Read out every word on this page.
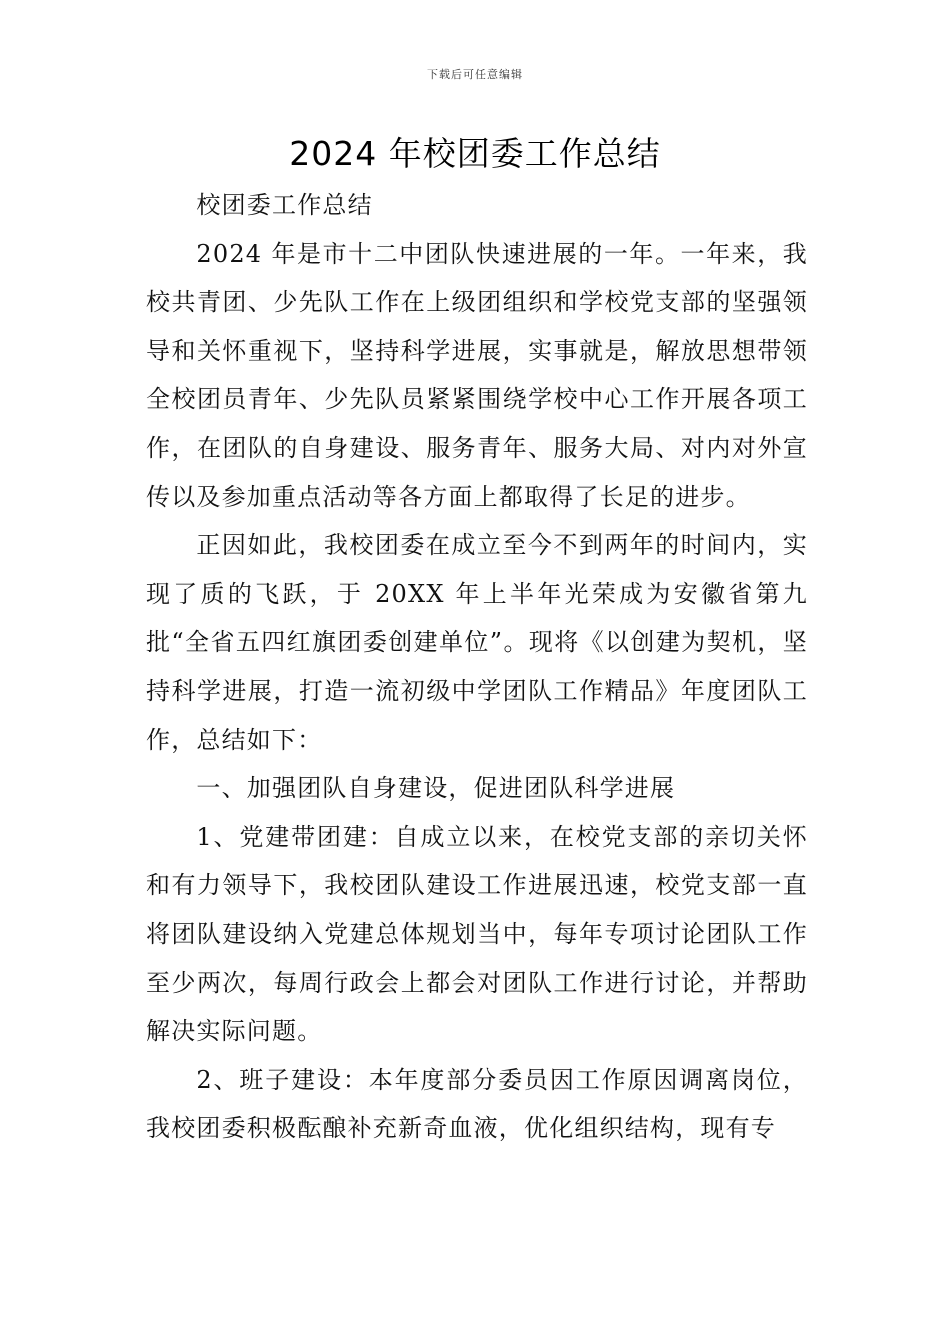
下载后可任意编辑
2024 年校团委工作总结

校团委工作总结

2024 年是市十二中团队快速进展的一年。一年来，我校共青团、少先队工作在上级团组织和学校党支部的坚强领导和关怀重视下，坚持科学进展，实事就是，解放思想带领全校团员青年、少先队员紧紧围绕学校中心工作开展各项工作，在团队的自身建设、服务青年、服务大局、对内对外宣传以及参加重点活动等各方面上都取得了长足的进步。

正因如此，我校团委在成立至今不到两年的时间内，实现了质的飞跃，于 20XX 年上半年光荣成为安徽省第九批“全省五四红旗团委创建单位”。现将《以创建为契机，坚持科学进展，打造一流初级中学团队工作精品》年度团队工作，总结如下：

一、加强团队自身建设，促进团队科学进展

1、党建带团建：自成立以来，在校党支部的亲切关怀和有力领导下，我校团队建设工作进展迅速，校党支部一直将团队建设纳入党建总体规划当中，每年专项讨论团队工作至少两次，每周行政会上都会对团队工作进行讨论，并帮助解决实际问题。

2、班子建设：本年度部分委员因工作原因调离岗位，我校团委积极酝酿补充新奇血液，优化组织结构，现有专
